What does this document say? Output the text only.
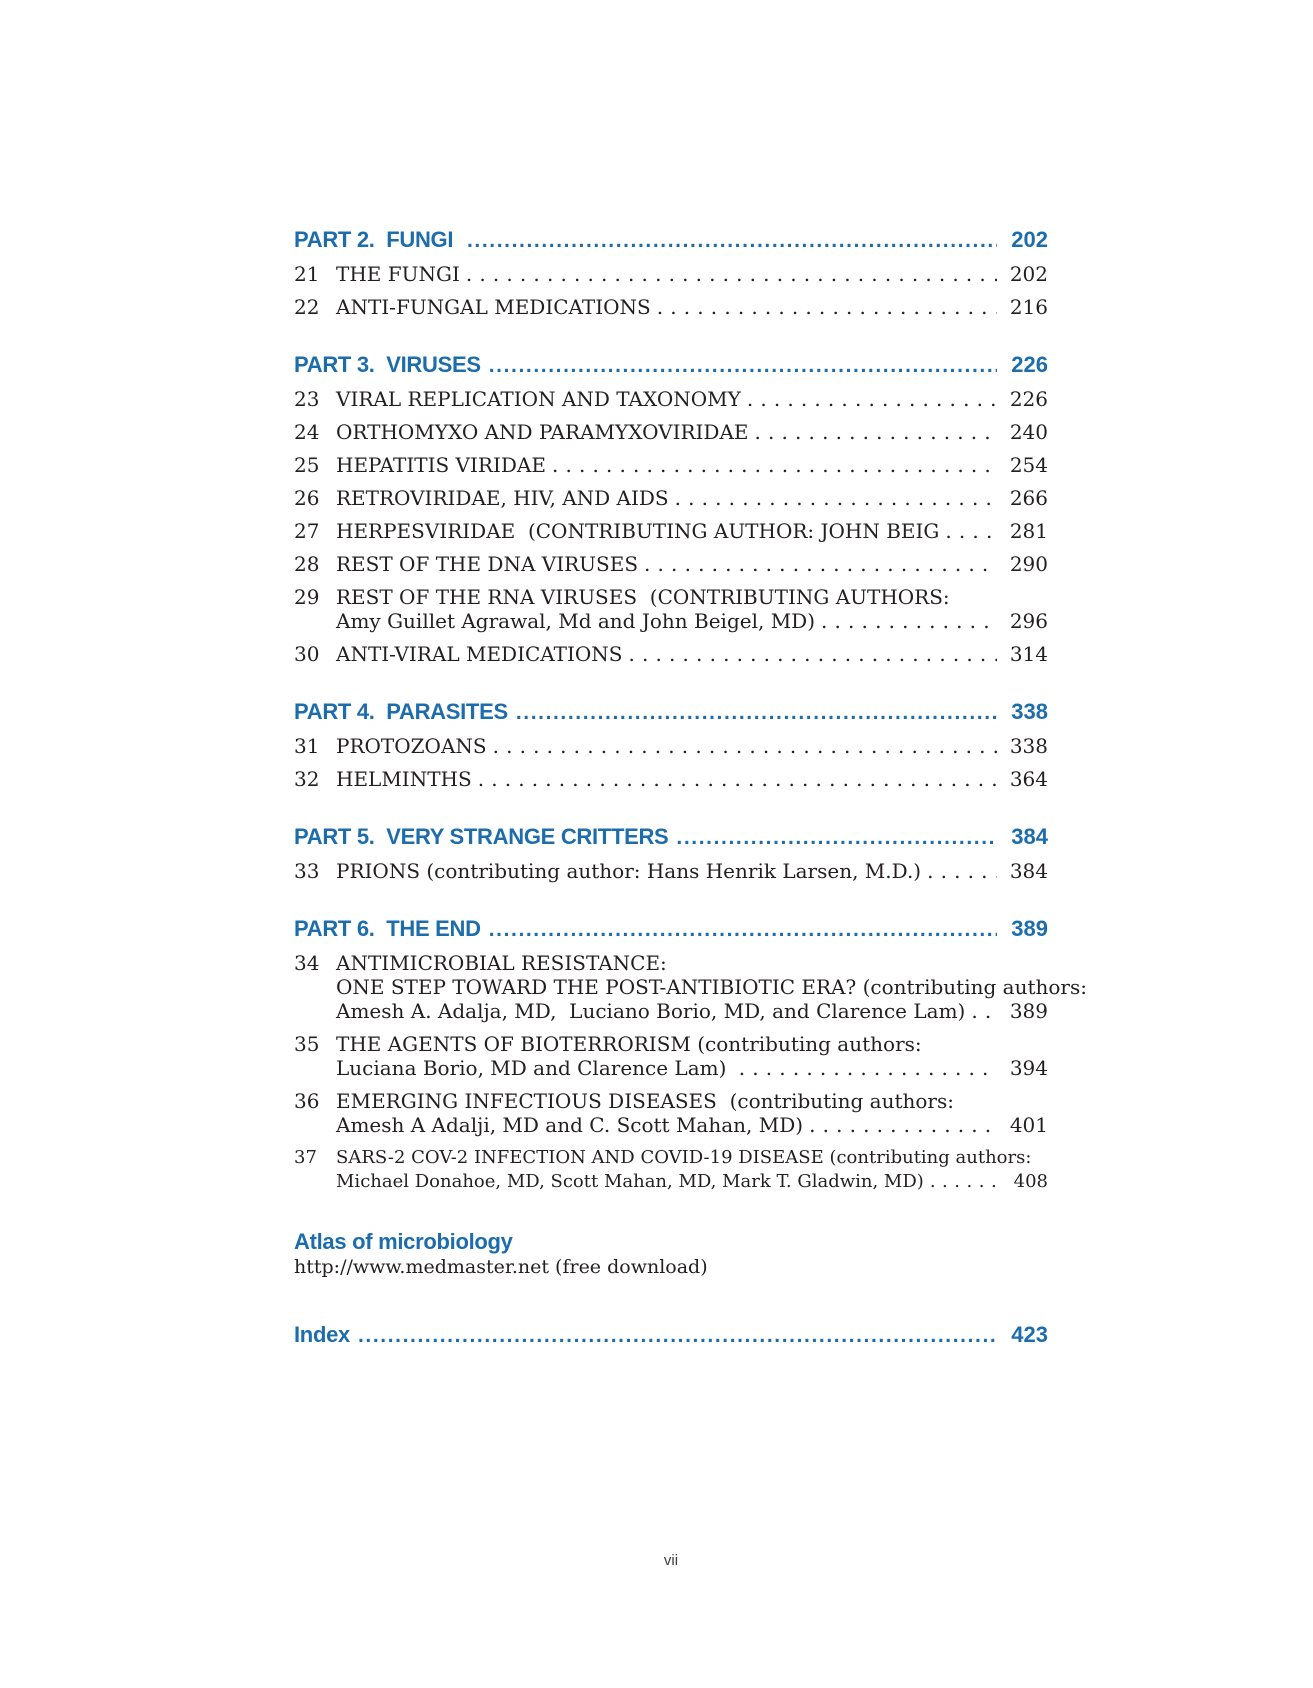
PART 2.  FUNGI .....	202
21 THE FUNGI . . .	202
22 ANTI-FUNGAL MEDICATIONS . . .	216
PART 3.  VIRUSES .....	226
23 VIRAL REPLICATION AND TAXONOMY . . .	226
24 ORTHOMYXO AND PARAMYXOVIRIDAE . . .	240
25 HEPATITIS VIRIDAE . . .	254
26 RETROVIRIDAE, HIV, AND AIDS . . .	266
27 HERPESVIRIDAE  (CONTRIBUTING AUTHOR: JOHN BEIG . . .	281
28 REST OF THE DNA VIRUSES . . .	290
29 REST OF THE RNA VIRUSES  (CONTRIBUTING AUTHORS:
Amy Guillet Agrawal, Md and John Beigel, MD) . . .	296
30 ANTI-VIRAL MEDICATIONS . . .	314
PART 4.  PARASITES .....	338
31 PROTOZOANS . . .	338
32 HELMINTHS . . .	364
PART 5.  VERY STRANGE CRITTERS .....	384
33 PRIONS (contributing author: Hans Henrik Larsen, M.D.) . . .	384
PART 6.  THE END .....	389
34 ANTIMICROBIAL RESISTANCE:
ONE STEP TOWARD THE POST-ANTIBIOTIC ERA? (contributing authors:
Amesh A. Adalja, MD,  Luciano Borio, MD, and Clarence Lam) . . .	389
35 THE AGENTS OF BIOTERRORISM (contributing authors:
Luciana Borio, MD and Clarence Lam) . . .	394
36 EMERGING INFECTIOUS DISEASES  (contributing authors:
Amesh A Adalji, MD and C. Scott Mahan, MD) . . .	401
37	SARS-2 COV-2 INFECTION AND COVID-19 DISEASE (contributing authors:
Michael Donahoe, MD, Scott Mahan, MD, Mark T. Gladwin, MD) . . .	408
Atlas of microbiology
http://www.medmaster.net (free download)
Index .....	423
vii
